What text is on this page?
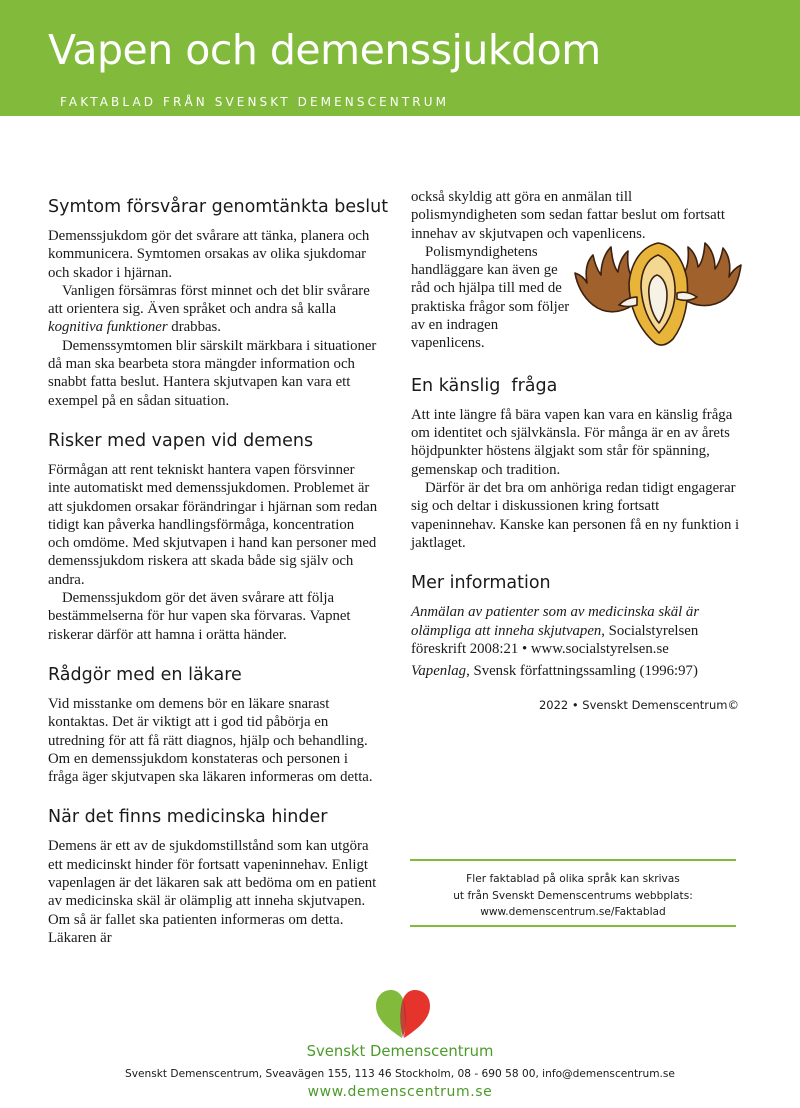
Vapen och demenssjukdom
FAKTABLAD FRÅN SVENSKT DEMENSCENTRUM
Symtom försvårar genomtänkta beslut

Demenssjukdom gör det svårare att tänka, planera och kommunicera. Symtomen orsakas av olika sjukdomar och skador i hjärnan.

Vanligen försämras först minnet och det blir svårare att orientera sig. Även språket och andra så kalla kognitiva funktioner drabbas.

Demenssymtomen blir särskilt märkbara i situationer då man ska bearbeta stora mängder information och snabbt fatta beslut. Hantera skjutvapen kan vara ett exempel på en sådan situation.

Risker med vapen vid demens

Förmågan att rent tekniskt hantera vapen försvinner inte automatiskt med demenssjukdomen. Problemet är att sjukdomen orsakar förändringar i hjärnan som redan tidigt kan påverka handlingsförmåga, koncentration och omdöme. Med skjutvapen i hand kan personer med demenssjukdom riskera att skada både sig själv och andra.

Demenssjukdom gör det även svårare att följa bestämmelserna för hur vapen ska förvaras. Vapnet riskerar därför att hamna i orätta händer.

Rådgör med en läkare

Vid misstanke om demens bör en läkare snarast kontaktas. Det är viktigt att i god tid påbörja en utredning för att få rätt diagnos, hjälp och behandling. Om en demenssjukdom konstateras och personen i fråga äger skjutvapen ska läkaren informeras om detta.

När det finns medicinska hinder

Demens är ett av de sjukdomstillstånd som kan utgöra ett medicinskt hinder för fortsatt vapeninnehav. Enligt vapenlagen är det läkaren sak att bedöma om en patient av medicinska skäl är olämplig att inneha skjutvapen. Om så är fallet ska patienten informeras om detta. Läkaren är

också skyldig att göra en anmälan till polismyndigheten som sedan fattar beslut om fortsatt innehav av skjutvapen och vapenlicens.

Polismyndighetens handläggare kan även ge råd och hjälpa till med de praktiska frågor som följer av en indragen vapenlicens.

En känslig  fråga

Att inte längre få bära vapen kan vara en känslig fråga om identitet och självkänsla. För många är en av årets höjdpunkter höstens älgjakt som står för spänning, gemenskap och tradition.

Därför är det bra om anhöriga redan tidigt engagerar sig och deltar i diskussionen kring fortsatt vapeninnehav. Kanske kan personen få en ny funktion i jaktlaget.

Mer information

Anmälan av patienter som av medicinska skäl är olämpliga att inneha skjutvapen, Socialstyrelsen föreskrift 2008:21 • www.socialstyrelsen.se

Vapenlag, Svensk författningssamling (1996:97)

2022 • Svenskt Demenscentrum©
Fler faktablad på olika språk kan skrivas
ut från Svenskt Demenscentrums webbplats:
www.demenscentrum.se/Faktablad
Svenskt Demenscentrum
Svenskt Demenscentrum, Sveavägen 155, 113 46 Stockholm, 08 - 690 58 00, info@demenscentrum.se
www.demenscentrum.se
